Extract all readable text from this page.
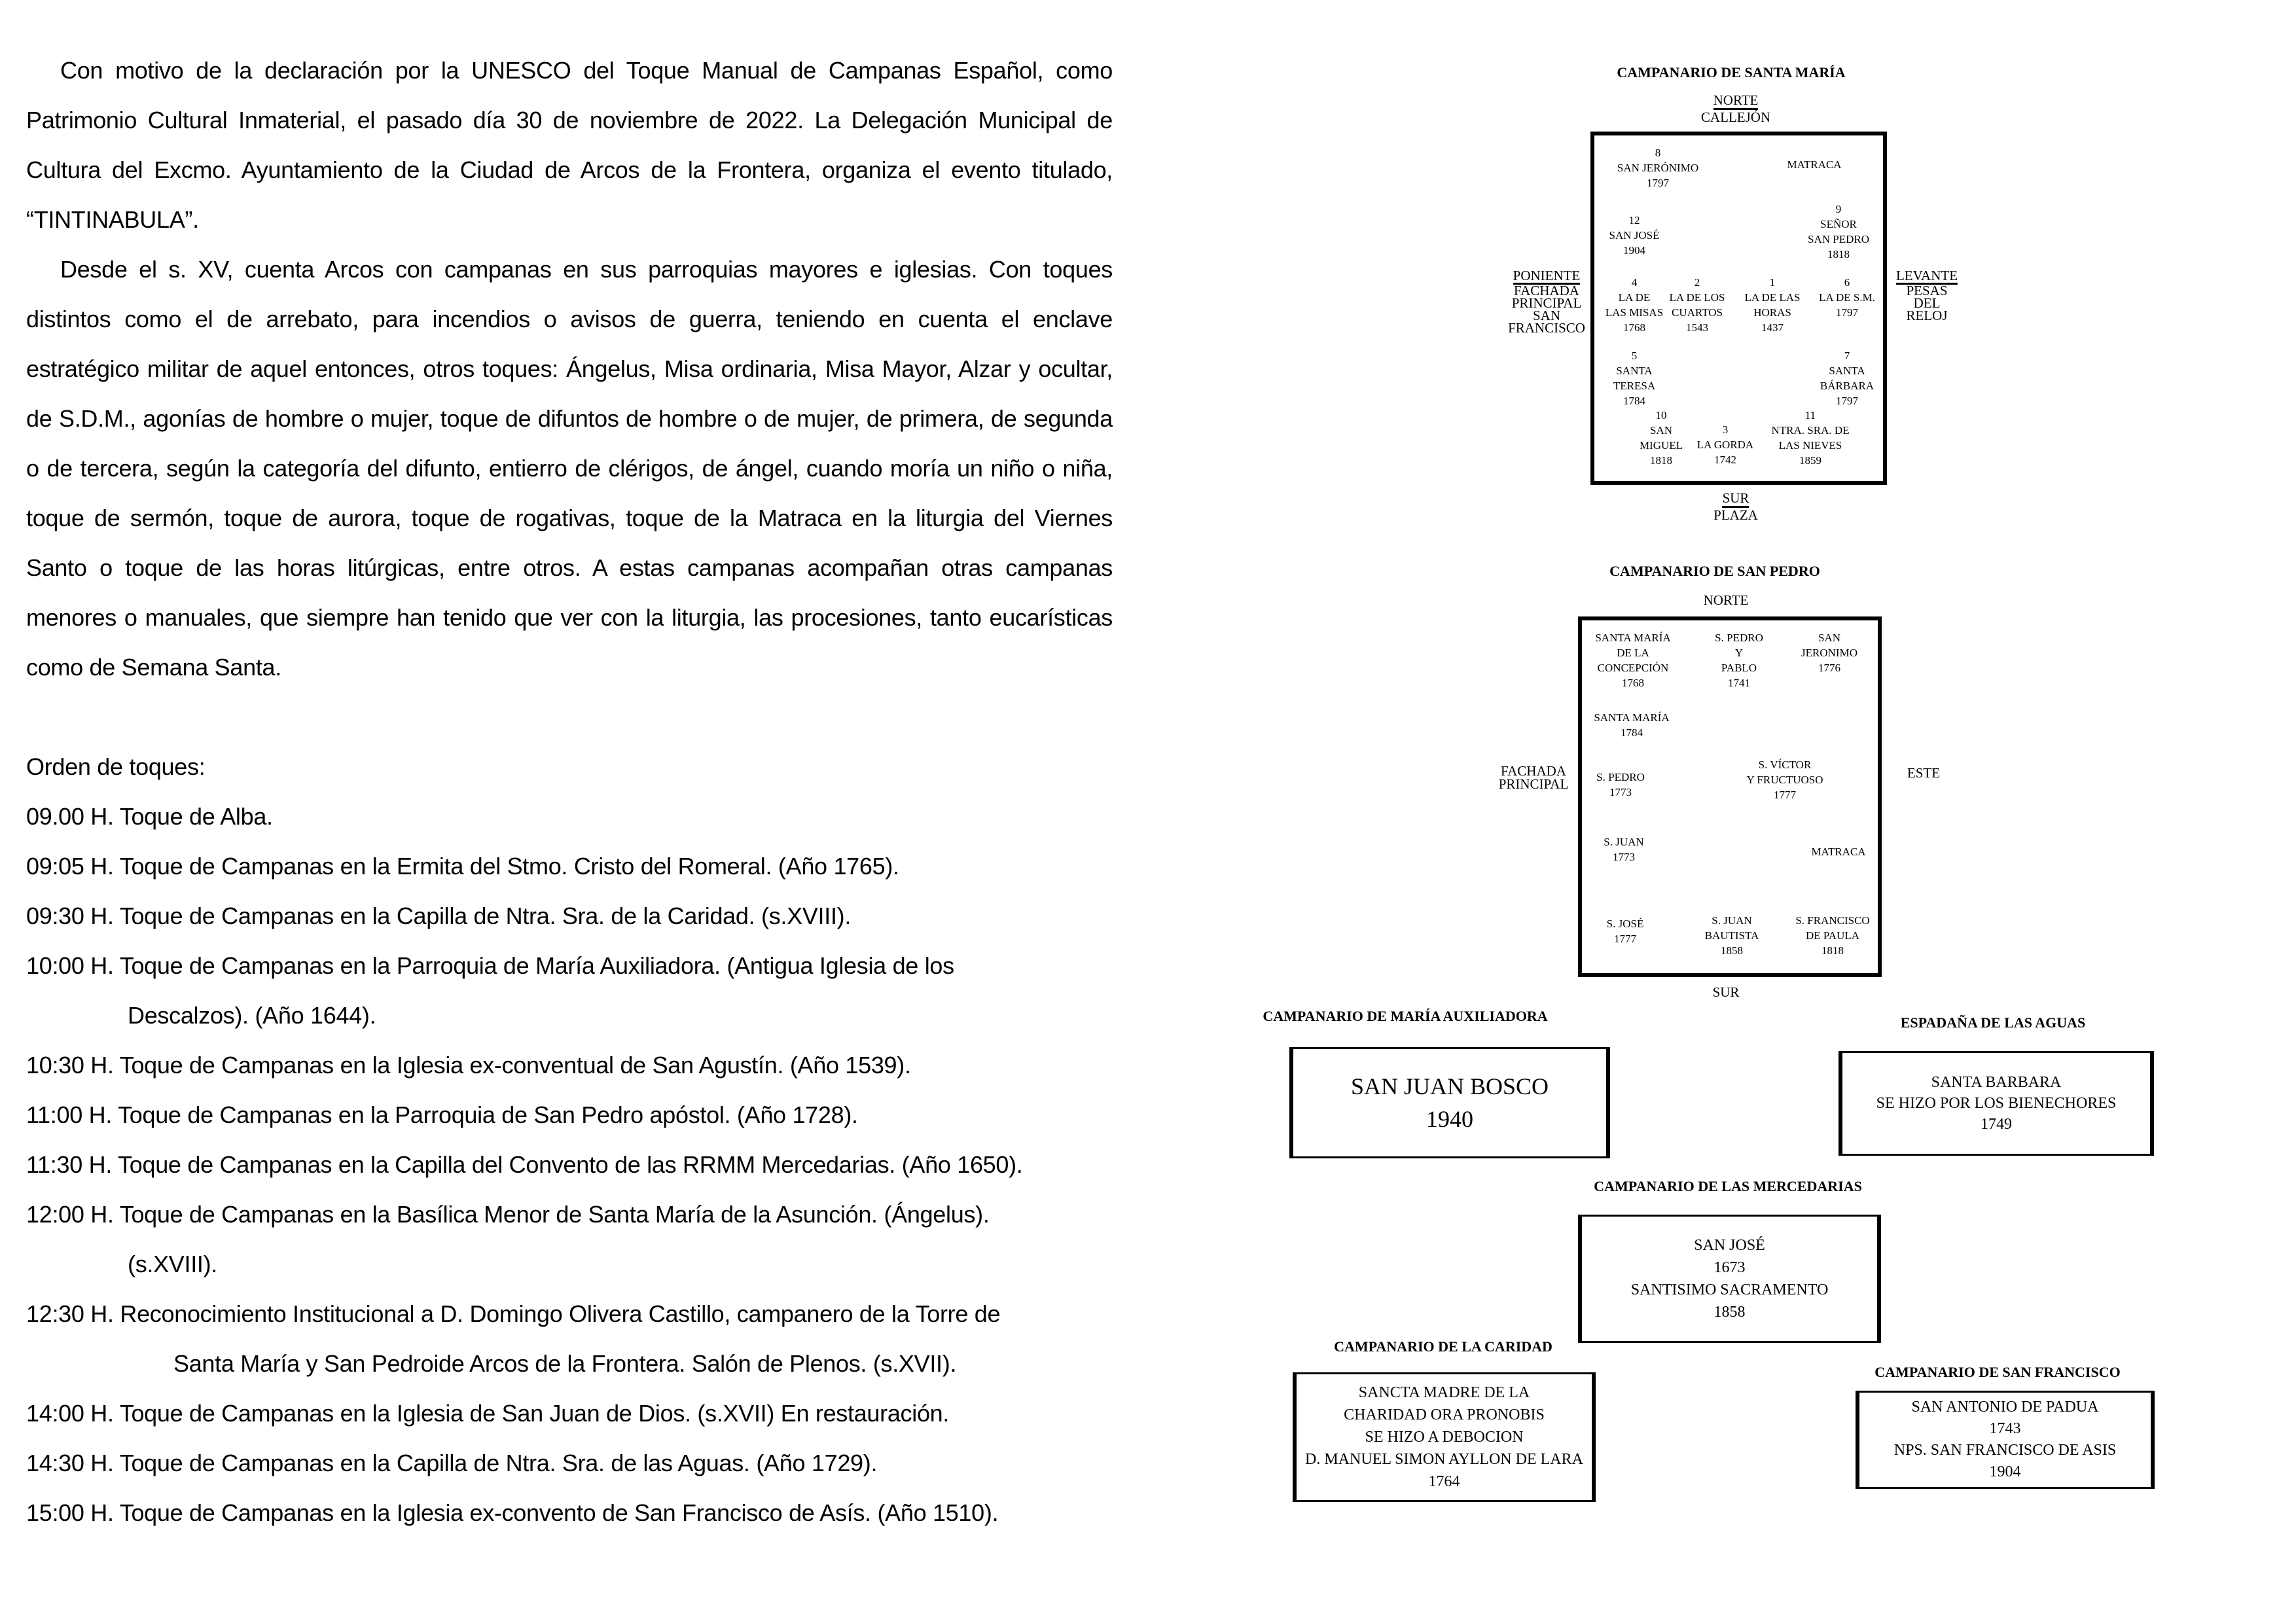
Con motivo de la declaración por la UNESCO del Toque Manual de Campanas Español, como Patrimonio Cultural Inmaterial, el pasado día 30 de noviembre de 2022. La Delegación Municipal de Cultura del Excmo. Ayuntamiento de la Ciudad de Arcos de la Frontera, organiza el evento titulado, “TINTINABULA”.

Desde el s. XV, cuenta Arcos con campanas en sus parroquias mayores e iglesias. Con toques distintos como el de arrebato, para incendios o avisos de guerra, teniendo en cuenta el enclave estratégico militar de aquel entonces, otros toques: Ángelus, Misa ordinaria, Misa Mayor, Alzar y ocultar, de S.D.M., agonías de hombre o mujer, toque de difuntos de hombre o de mujer, de primera, de segunda o de tercera, según la categoría del difunto, entierro de clérigos, de ángel, cuando moría un niño o niña, toque de sermón, toque de aurora, toque de rogativas, toque de la Matraca en la liturgia del Viernes Santo o toque de las horas litúrgicas, entre otros. A estas campanas acompañan otras campanas menores o manuales, que siempre han tenido que ver con la liturgia, las procesiones, tanto eucarísticas como de Semana Santa.

Orden de toques:
09.00 H. Toque de Alba.
09:05 H. Toque de Campanas en la Ermita del Stmo. Cristo del Romeral. (Año 1765).
09:30 H. Toque de Campanas en la Capilla de Ntra. Sra. de la Caridad. (s.XVIII).
10:00 H. Toque de Campanas en la Parroquia de María Auxiliadora. (Antigua Iglesia de los
Descalzos). (Año 1644).
10:30 H. Toque de Campanas en la Iglesia ex-conventual de San Agustín. (Año 1539).
11:00 H. Toque de Campanas en la Parroquia de San Pedro apóstol. (Año 1728).
11:30 H. Toque de Campanas en la Capilla del Convento de las RRMM Mercedarias. (Año 1650).
12:00 H. Toque de Campanas en la Basílica Menor de Santa María de la Asunción. (Ángelus).
(s.XVIII).
12:30 H. Reconocimiento Institucional a D. Domingo Olivera Castillo, campanero de la Torre de
Santa María y San Pedroide Arcos de la Frontera. Salón de Plenos. (s.XVII).
14:00 H. Toque de Campanas en la Iglesia de San Juan de Dios. (s.XVII) En restauración.
14:30 H. Toque de Campanas en la Capilla de Ntra. Sra. de las Aguas. (Año 1729).
15:00 H. Toque de Campanas en la Iglesia ex-convento de San Francisco de Asís. (Año 1510).
CAMPANARIO DE SANTA MARÍA
NORTE
CALLEJÓN
PONIENTE
FACHADA
PRINCIPAL
SAN
FRANCISCO
LEVANTE
PESAS
DEL
RELOJ
SUR
PLAZA
8
SAN JERÓNIMO
1797
MATRACA
12
SAN JOSÉ
1904
9
SEÑOR
SAN PEDRO
1818
4
LA DE
LAS MISAS
1768
2
LA DE LOS
CUARTOS
1543
1
LA DE LAS
HORAS
1437
6
LA DE S.M.
1797
5
SANTA
TERESA
1784
7
SANTA
BÁRBARA
1797
10
SAN
MIGUEL
1818
3
LA GORDA
1742
11
NTRA. SRA. DE
LAS NIEVES
1859
CAMPANARIO DE SAN PEDRO
NORTE
FACHADA
PRINCIPAL
ESTE
SUR
SANTA MARÍA
DE LA
CONCEPCIÓN
1768
S. PEDRO
Y
PABLO
1741
SAN
JERONIMO
1776
SANTA MARÍA
1784
S. PEDRO
1773
S. VÍCTOR
Y FRUCTUOSO
1777
S. JUAN
1773	MATRACA
S. JOSÉ
1777
S. JUAN
BAUTISTA
1858
S. FRANCISCO
DE PAULA
1818
CAMPANARIO DE MARÍA AUXILIADORA
SAN JUAN BOSCO
1940
ESPADAÑA DE LAS AGUAS
SANTA BARBARA
SE HIZO POR LOS BIENECHORES
1749
CAMPANARIO DE LAS MERCEDARIAS
SAN JOSÉ
1673
SANTISIMO SACRAMENTO
1858
CAMPANARIO DE LA CARIDAD
SANCTA MADRE DE LA
CHARIDAD ORA PRONOBIS
SE HIZO A DEBOCION
D. MANUEL SIMON AYLLON DE LARA
1764
CAMPANARIO DE SAN FRANCISCO
SAN ANTONIO DE PADUA
1743
NPS. SAN FRANCISCO DE ASIS
1904
